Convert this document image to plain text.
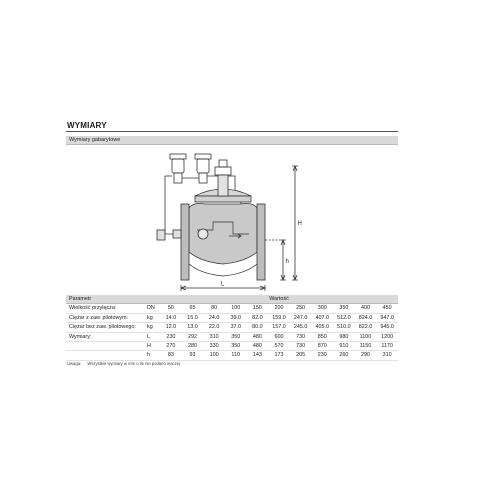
WYMIARY
Wymiary gabarytowe
H
h
L
Parametr		Wartość										
Wielkość przyłącza:	DN	50	65	80	100	150	200	250	300	350	400	450
Ciężar z zaw. pilotowym:	kg	14.0	15.0	24.0	39.0	82.0	159.0	247.0	407.0	512.0	824.0	947.0
Ciężar bez zaw. pilotowego:	kg	12.0	13.0	22.0	37.0	80.0	157.0	245.0	405.0	510.0	822.0	945.0
Wymiary:	L	230	292	310	350	480	600	730	850	980	1100	1200
	H	270	280	330	350	480	570	730	870	910	1150	1170
	h	83	93	100	110	143	173	205	230	260	290	310
Uwaga: Wszystkie wymiary w mm o ile nie podano inaczej
